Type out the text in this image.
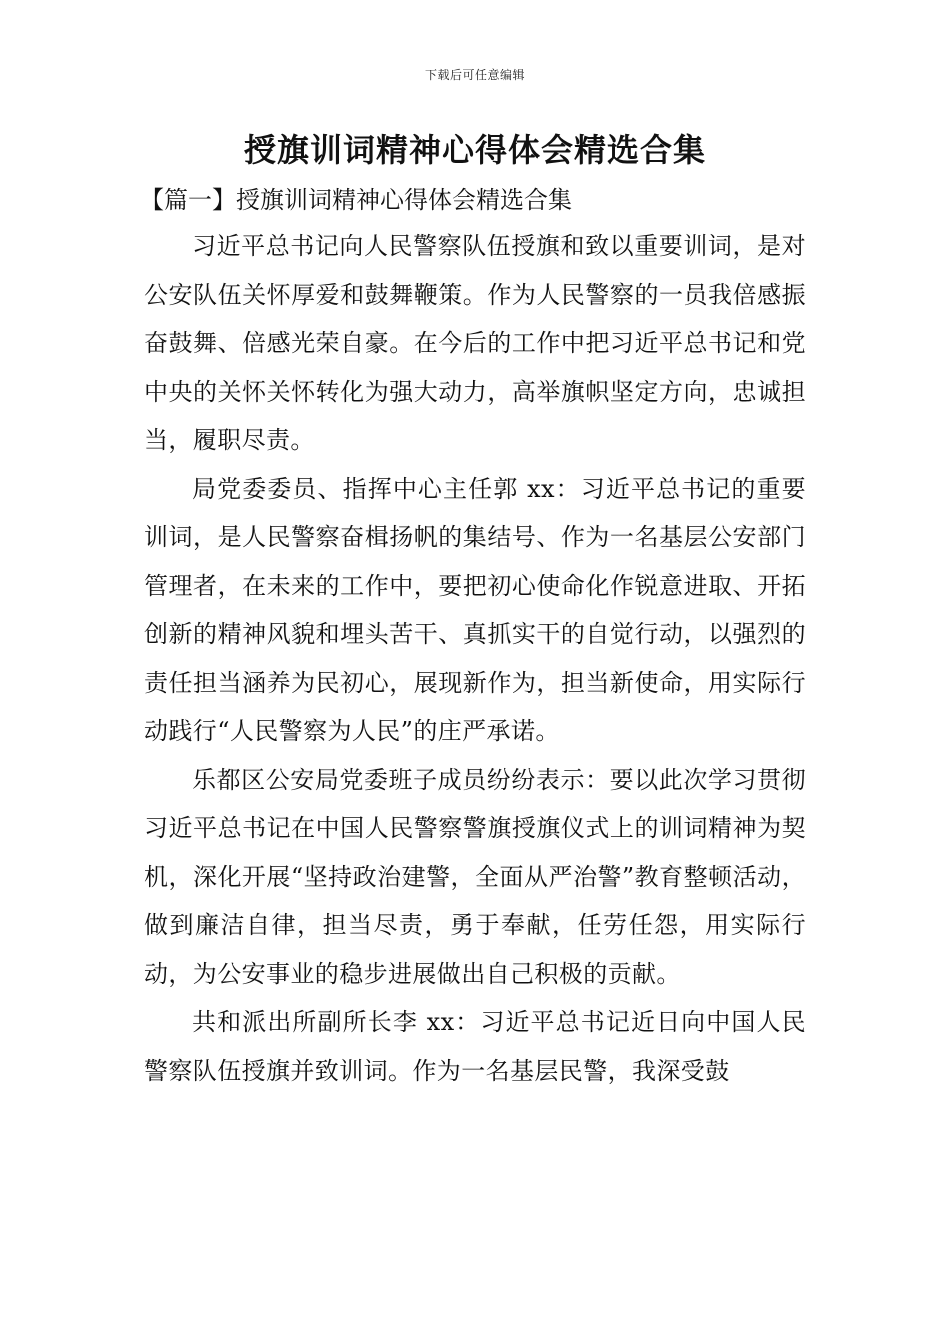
下载后可任意编辑
授旗训词精神心得体会精选合集
【篇一】授旗训词精神心得体会精选合集

习近平总书记向人民警察队伍授旗和致以重要训词，是对公安队伍关怀厚爱和鼓舞鞭策。作为人民警察的一员我倍感振奋鼓舞、倍感光荣自豪。在今后的工作中把习近平总书记和党中央的关怀关怀转化为强大动力，高举旗帜坚定方向，忠诚担当，履职尽责。

局党委委员、指挥中心主任郭 xx：习近平总书记的重要训词，是人民警察奋楫扬帆的集结号、作为一名基层公安部门管理者，在未来的工作中，要把初心使命化作锐意进取、开拓创新的精神风貌和埋头苦干、真抓实干的自觉行动，以强烈的责任担当涵养为民初心，展现新作为，担当新使命，用实际行动践行“人民警察为人民”的庄严承诺。

乐都区公安局党委班子成员纷纷表示：要以此次学习贯彻习近平总书记在中国人民警察警旗授旗仪式上的训词精神为契机，深化开展“坚持政治建警，全面从严治警”教育整顿活动，做到廉洁自律，担当尽责，勇于奉献，任劳任怨，用实际行动，为公安事业的稳步进展做出自己积极的贡献。

共和派出所副所长李 xx：习近平总书记近日向中国人民警察队伍授旗并致训词。作为一名基层民警，我深受鼓
